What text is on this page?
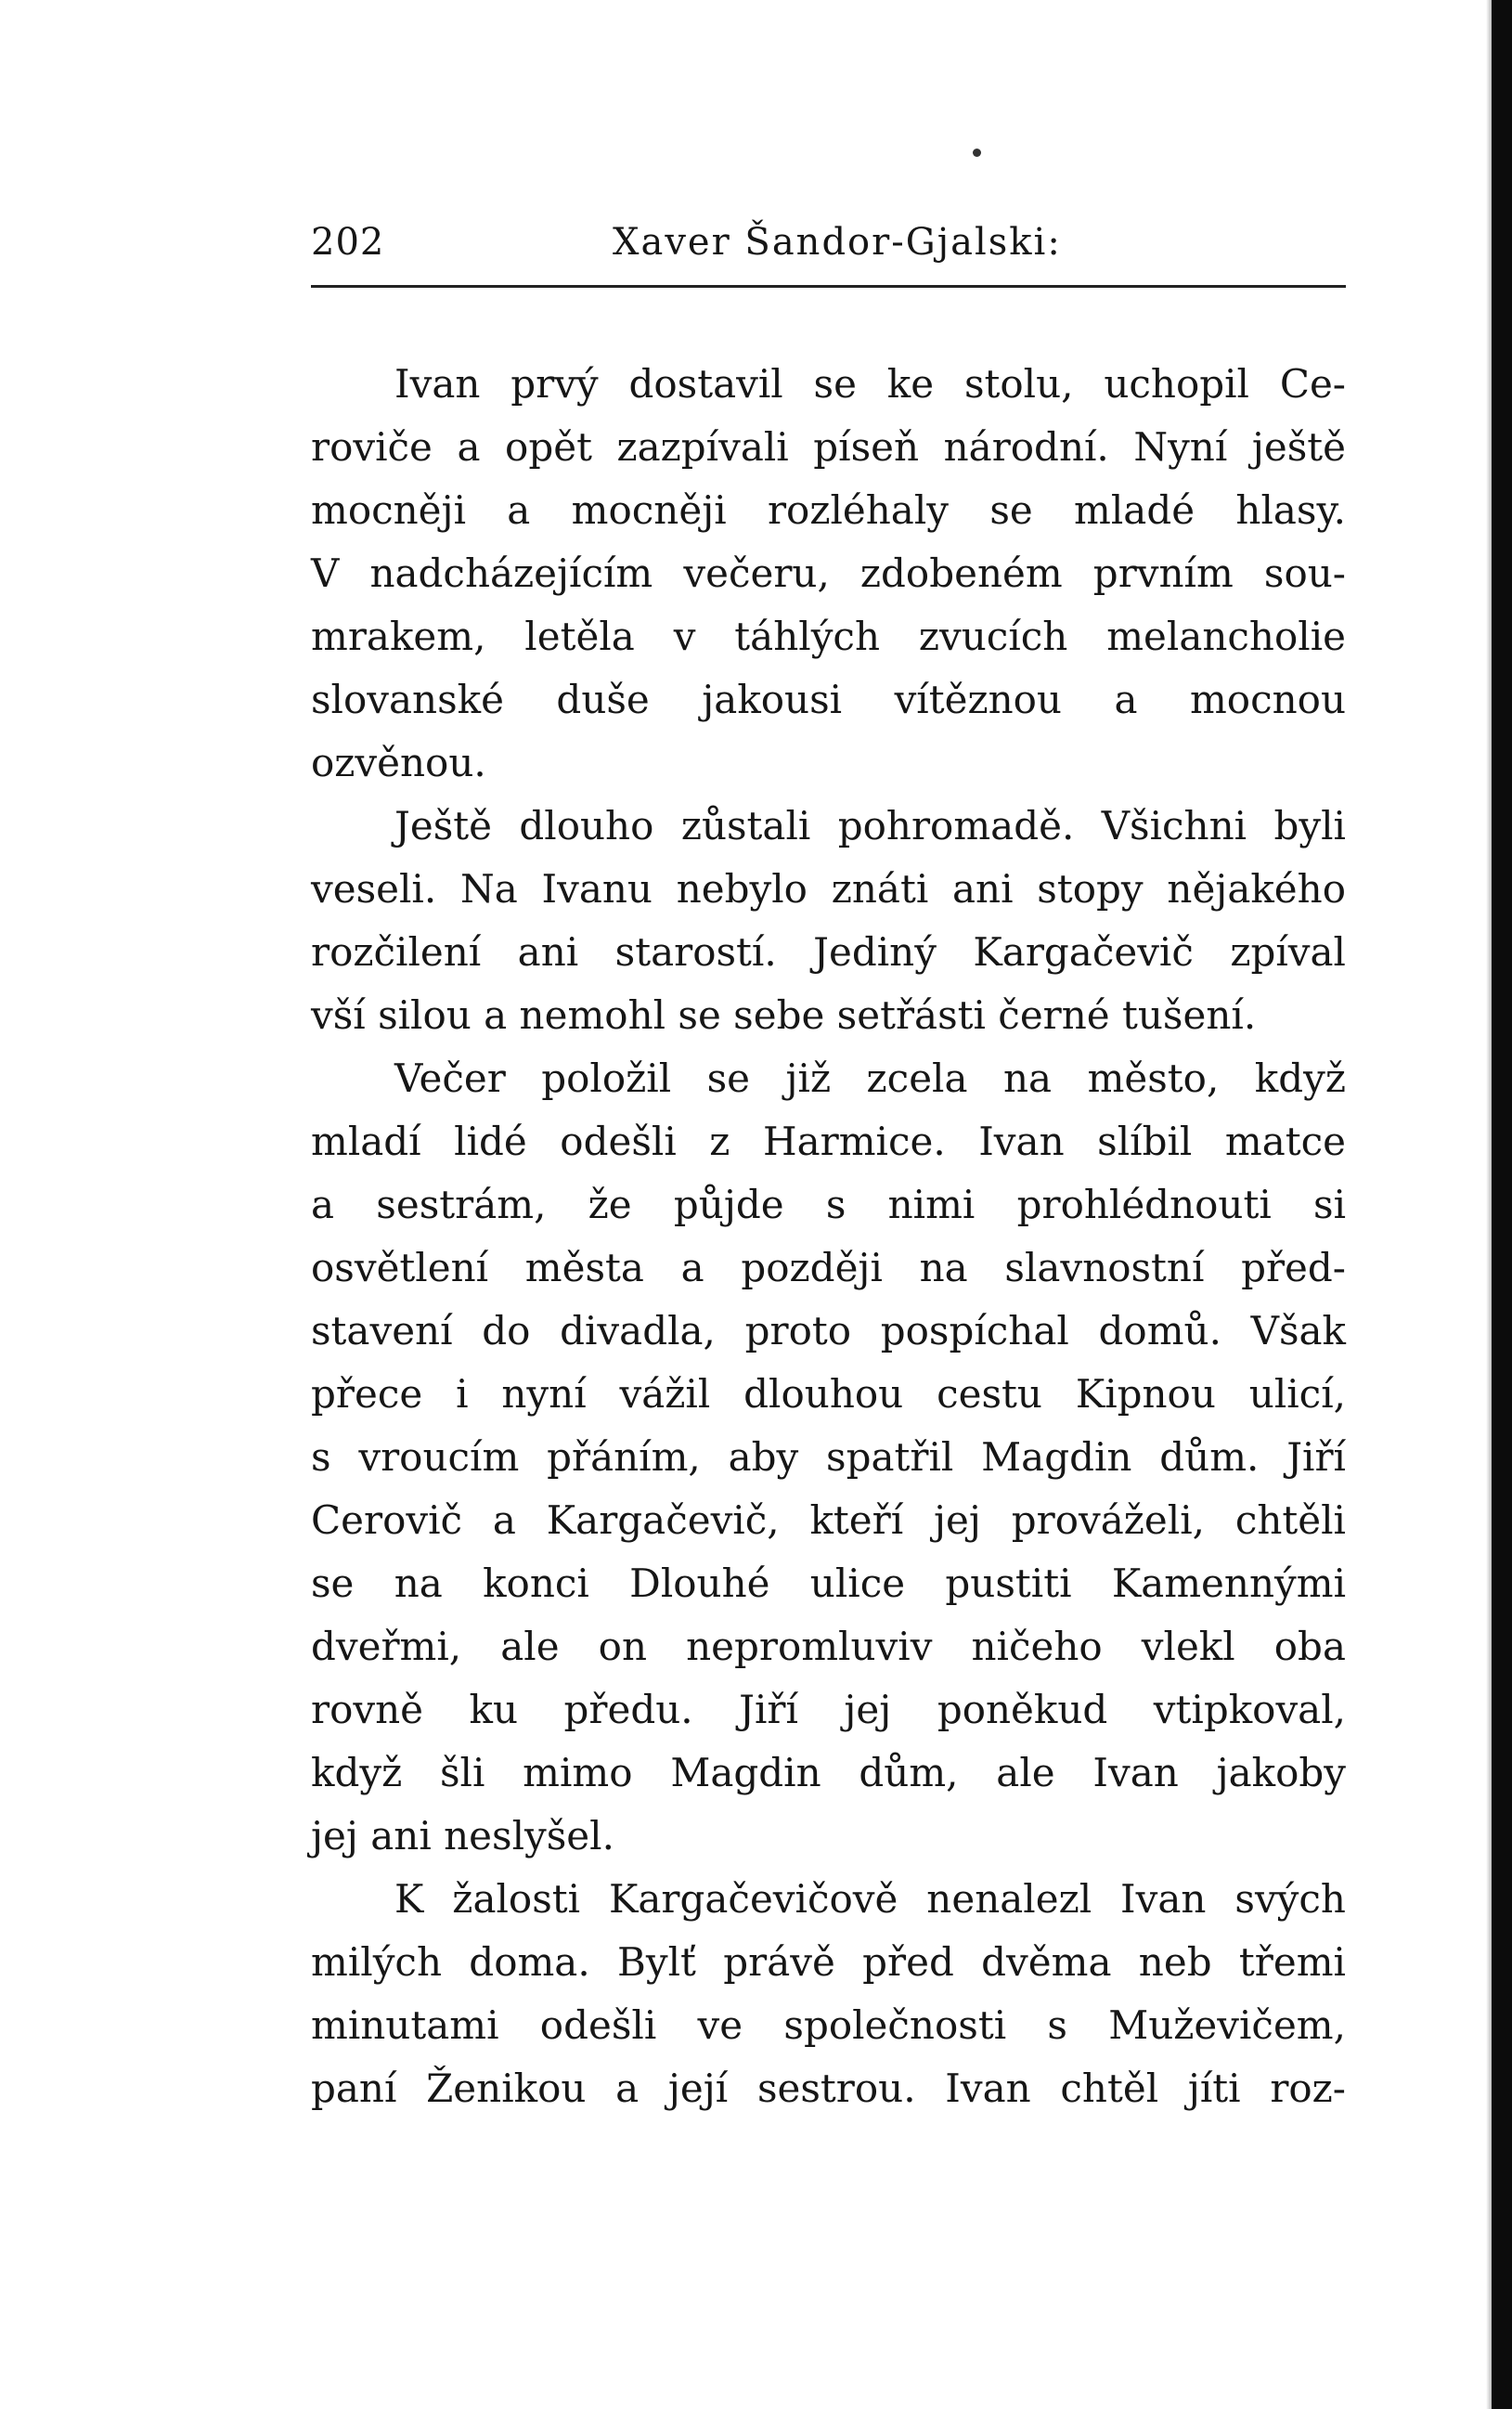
202	Xaver Šandor-Gjalski:
Ivan prvý dostavil se ke stolu, uchopil Ce-
roviče a opět zazpívali píseň národní. Nyní ještě
mocněji a mocněji rozléhaly se mladé hlasy.
V nadcházejícím večeru, zdobeném prvním sou-
mrakem, letěla v táhlých zvucích melancholie
slovanské duše jakousi vítěznou a mocnou
ozvěnou.
Ještě dlouho zůstali pohromadě. Všichni byli
veseli. Na Ivanu nebylo znáti ani stopy nějakého
rozčilení ani starostí. Jediný Kargačevič zpíval
vší silou a nemohl se sebe setřásti černé tušení.
Večer položil se již zcela na město, když
mladí lidé odešli z Harmice. Ivan slíbil matce
a sestrám, že půjde s nimi prohlédnouti si
osvětlení města a později na slavnostní před-
stavení do divadla, proto pospíchal domů. Však
přece i nyní vážil dlouhou cestu Kipnou ulicí,
s vroucím přáním, aby spatřil Magdin dům. Jiří
Cerovič a Kargačevič, kteří jej prováželi, chtěli
se na konci Dlouhé ulice pustiti Kamennými
dveřmi, ale on nepromluviv ničeho vlekl oba
rovně ku předu. Jiří jej poněkud vtipkoval,
když šli mimo Magdin dům, ale Ivan jakoby
jej ani neslyšel.
K žalosti Kargačevičově nenalezl Ivan svých
milých doma. Bylť právě před dvěma neb třemi
minutami odešli ve společnosti s Muževičem,
paní Ženikou a její sestrou. Ivan chtěl jíti roz-
